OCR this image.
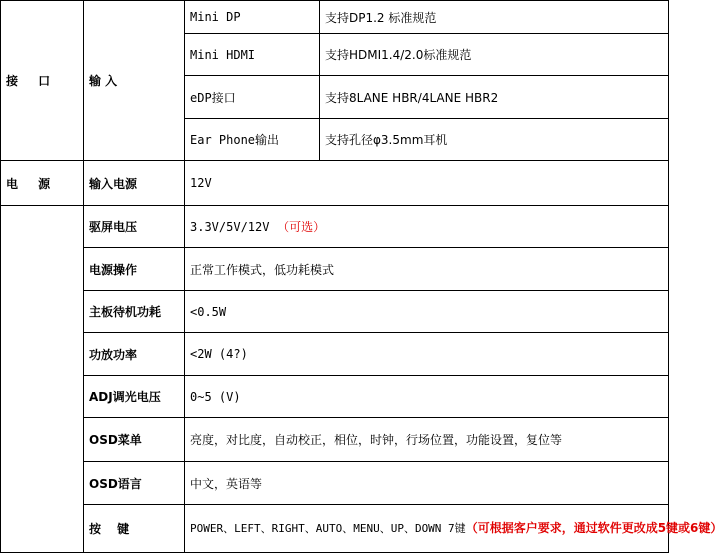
接 口	输 入	Mini DP	支持DP1.2 标准规范
		Mini HDMI	支持HDMI1.4/2.0标准规范
		eDP接口	支持8LANE HBR/4LANE HBR2
		Ear Phone输出	支持孔径φ3.5mm耳机
电 源	输入电源	12V	
	驱屏电压	3.3V/5V/12V （可选）	
	电源操作	正常工作模式，低功耗模式	
	主板待机功耗	<0.5W	
	功放功率	<2W (4?)	
	ADJ调光电压	0~5 (V)	
	OSD菜单	亮度，对比度，自动校正，相位，时钟，行场位置，功能设置，复位等	
	OSD语言	中文，英语等	
	按 键	POWER、LEFT、RIGHT、AUTO、MENU、UP、DOWN 7键（可根据客户要求，通过软件更改成5键或6键）	
